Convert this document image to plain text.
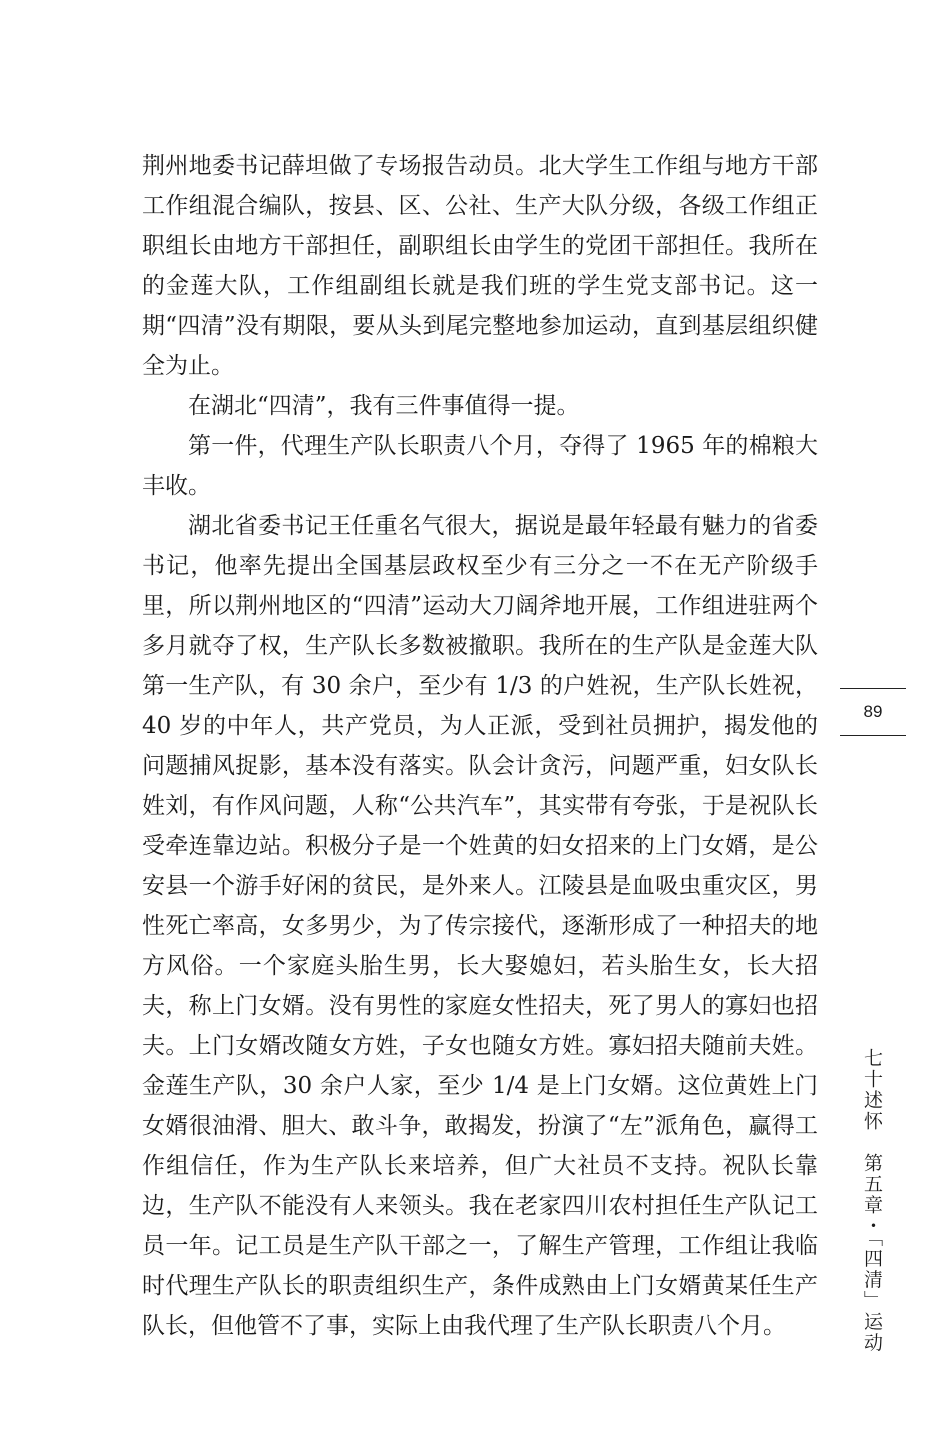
荆州地委书记薛坦做了专场报告动员。北大学生工作组与地方干部工作组混合编队，按县、区、公社、生产大队分级，各级工作组正职组长由地方干部担任，副职组长由学生的党团干部担任。我所在的金莲大队，工作组副组长就是我们班的学生党支部书记。这一期“四清”没有期限，要从头到尾完整地参加运动，直到基层组织健全为止。

在湖北“四清”，我有三件事值得一提。

第一件，代理生产队长职责八个月，夺得了 1965 年的棉粮大丰收。

湖北省委书记王任重名气很大，据说是最年轻最有魅力的省委书记，他率先提出全国基层政权至少有三分之一不在无产阶级手里，所以荆州地区的“四清”运动大刀阔斧地开展，工作组进驻两个多月就夺了权，生产队长多数被撤职。我所在的生产队是金莲大队第一生产队，有 30 余户，至少有 1/3 的户姓祝，生产队长姓祝，40 岁的中年人，共产党员，为人正派，受到社员拥护，揭发他的问题捕风捉影，基本没有落实。队会计贪污，问题严重，妇女队长姓刘，有作风问题，人称“公共汽车”，其实带有夸张，于是祝队长受牵连靠边站。积极分子是一个姓黄的妇女招来的上门女婿，是公安县一个游手好闲的贫民，是外来人。江陵县是血吸虫重灾区，男性死亡率高，女多男少，为了传宗接代，逐渐形成了一种招夫的地方风俗。一个家庭头胎生男，长大娶媳妇，若头胎生女，长大招夫，称上门女婿。没有男性的家庭女性招夫，死了男人的寡妇也招夫。上门女婿改随女方姓，子女也随女方姓。寡妇招夫随前夫姓。金莲生产队，30 余户人家，至少 1/4 是上门女婿。这位黄姓上门女婿很油滑、胆大、敢斗争，敢揭发，扮演了“左”派角色，赢得工作组信任，作为生产队长来培养，但广大社员不支持。祝队长靠边，生产队不能没有人来领头。我在老家四川农村担任生产队记工员一年。记工员是生产队干部之一，了解生产管理，工作组让我临时代理生产队长的职责组织生产，条件成熟由上门女婿黄某任生产队长，但他管不了事，实际上由我代理了生产队长职责八个月。

89
七十述怀　第五章・「四清」运动
